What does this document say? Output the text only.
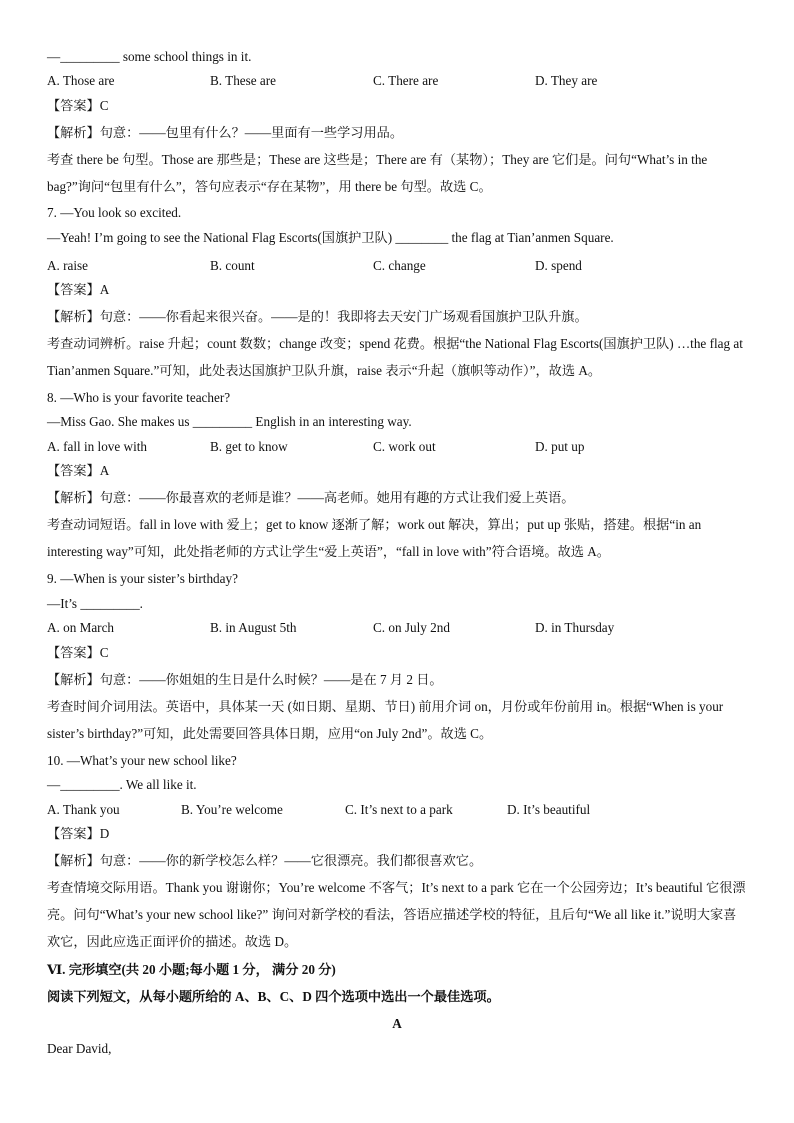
—_________ some school things in it.
A. Those are	B. These are	C. There are	D. They are
【答案】C
【解析】句意：——包里有什么？——里面有一些学习用品。
考查 there be 句型。Those are 那些是；These are 这些是；There are 有（某物）；They are 它们是。问句“What’s in the bag?”询问“包里有什么”，答句应表示“存在某物”，用 there be 句型。故选 C。
7. —You look so excited.
—Yeah! I’m going to see the National Flag Escorts(国旗护卫队) ________ the flag at Tian’anmen Square.
A. raise	B. count	C. change	D. spend
【答案】A
【解析】句意：——你看起来很兴奋。——是的！我即将去天安门广场观看国旗护卫队升旗。
考查动词辨析。raise 升起；count 数数；change 改变；spend 花费。根据“the National Flag Escorts(国旗护卫队) …the flag at Tian’anmen Square.”可知，此处表达国旗护卫队升旗，raise 表示“升起（旗帜等动作）”，故选 A。
8. —Who is your favorite teacher?
—Miss Gao. She makes us _________ English in an interesting way.
A. fall in love with	B. get to know	C. work out	D. put up
【答案】A
【解析】句意：——你最喜欢的老师是谁？——高老师。她用有趣的方式让我们爱上英语。
考查动词短语。fall in love with 爱上；get to know 逐渐了解；work out 解决，算出；put up 张贴，搭建。根据“in an interesting way”可知，此处指老师的方式让学生“爱上英语”，“fall in love with”符合语境。故选 A。
9. —When is your sister’s birthday?
—It’s _________.
A. on March	B. in August 5th	C. on July 2nd	D. in Thursday
【答案】C
【解析】句意：——你姐姐的生日是什么时候？——是在 7 月 2 日。
考查时间介词用法。英语中，具体某一天 (如日期、星期、节日) 前用介词 on，月份或年份前用 in。根据“When is your sister’s birthday?”可知，此处需要回答具体日期，应用“on July 2nd”。故选 C。
10. —What’s your new school like?
—_________. We all like it.
A. Thank you	B. You’re welcome	C. It’s next to a park	D. It’s beautiful
【答案】D
【解析】句意：——你的新学校怎么样？——它很漂亮。我们都很喜欢它。
考查情境交际用语。Thank you 谢谢你；You’re welcome 不客气；It’s next to a park 它在一个公园旁边；It’s beautiful 它很漂亮。问句“What’s your new school like?” 询问对新学校的看法，答语应描述学校的特征，且后句“We all like it.”说明大家喜欢它，因此应选正面评价的描述。故选 D。
Ⅵ. 完形填空(共 20 小题;每小题 1 分， 满分 20 分)
阅读下列短文，从每小题所给的 A、B、C、D 四个选项中选出一个最佳选项。
A
Dear David,
